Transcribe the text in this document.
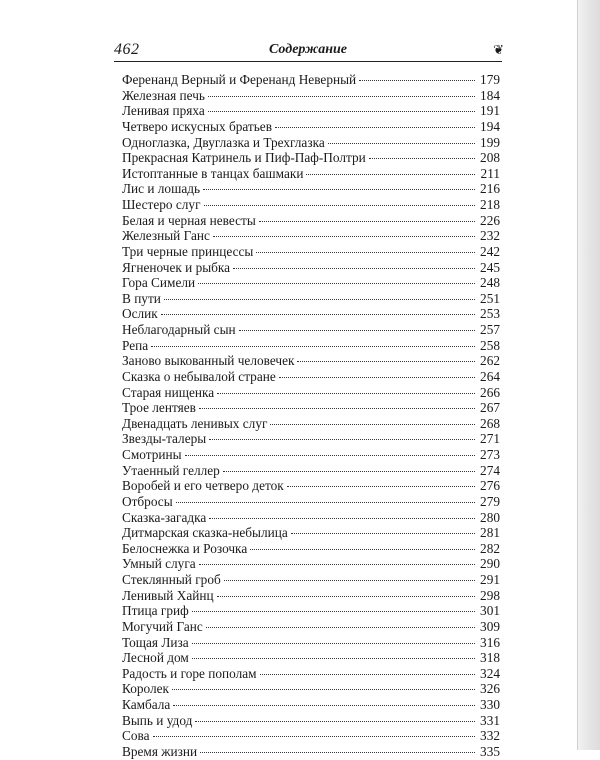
462	Содержание	❦
Ферeнанд Верный и Ферeнанд Неверный	179
Железная печь	184
Ленивая пряха	191
Четверо искусных братьев	194
Одноглазка, Двуглазка и Трехглазка	199
Прекрасная Катринель и Пиф-Паф-Полтри	208
Истоптанные в танцах башмаки	211
Лис и лошадь	216
Шестеро слуг	218
Белая и черная невесты	226
Железный Ганс	232
Три черные принцессы	242
Ягненочек и рыбка	245
Гора Симели	248
В пути	251
Ослик	253
Неблагодарный сын	257
Репа	258
Заново выкованный человечек	262
Сказка о небывалой стране	264
Старая нищенка	266
Трое лентяев	267
Двенадцать ленивых слуг	268
Звезды-талеры	271
Смотрины	273
Утаенный геллер	274
Воробей и его четверо деток	276
Отбросы	279
Сказка-загадка	280
Дитмарская сказка-небылица	281
Белоснежка и Розочка	282
Умный слуга	290
Стеклянный гроб	291
Ленивый Хайнц	298
Птица гриф	301
Могучий Ганс	309
Тощая Лиза	316
Лесной дом	318
Радость и горе пополам	324
Королек	326
Камбала	330
Выпь и удод	331
Сова	332
Время жизни	335
